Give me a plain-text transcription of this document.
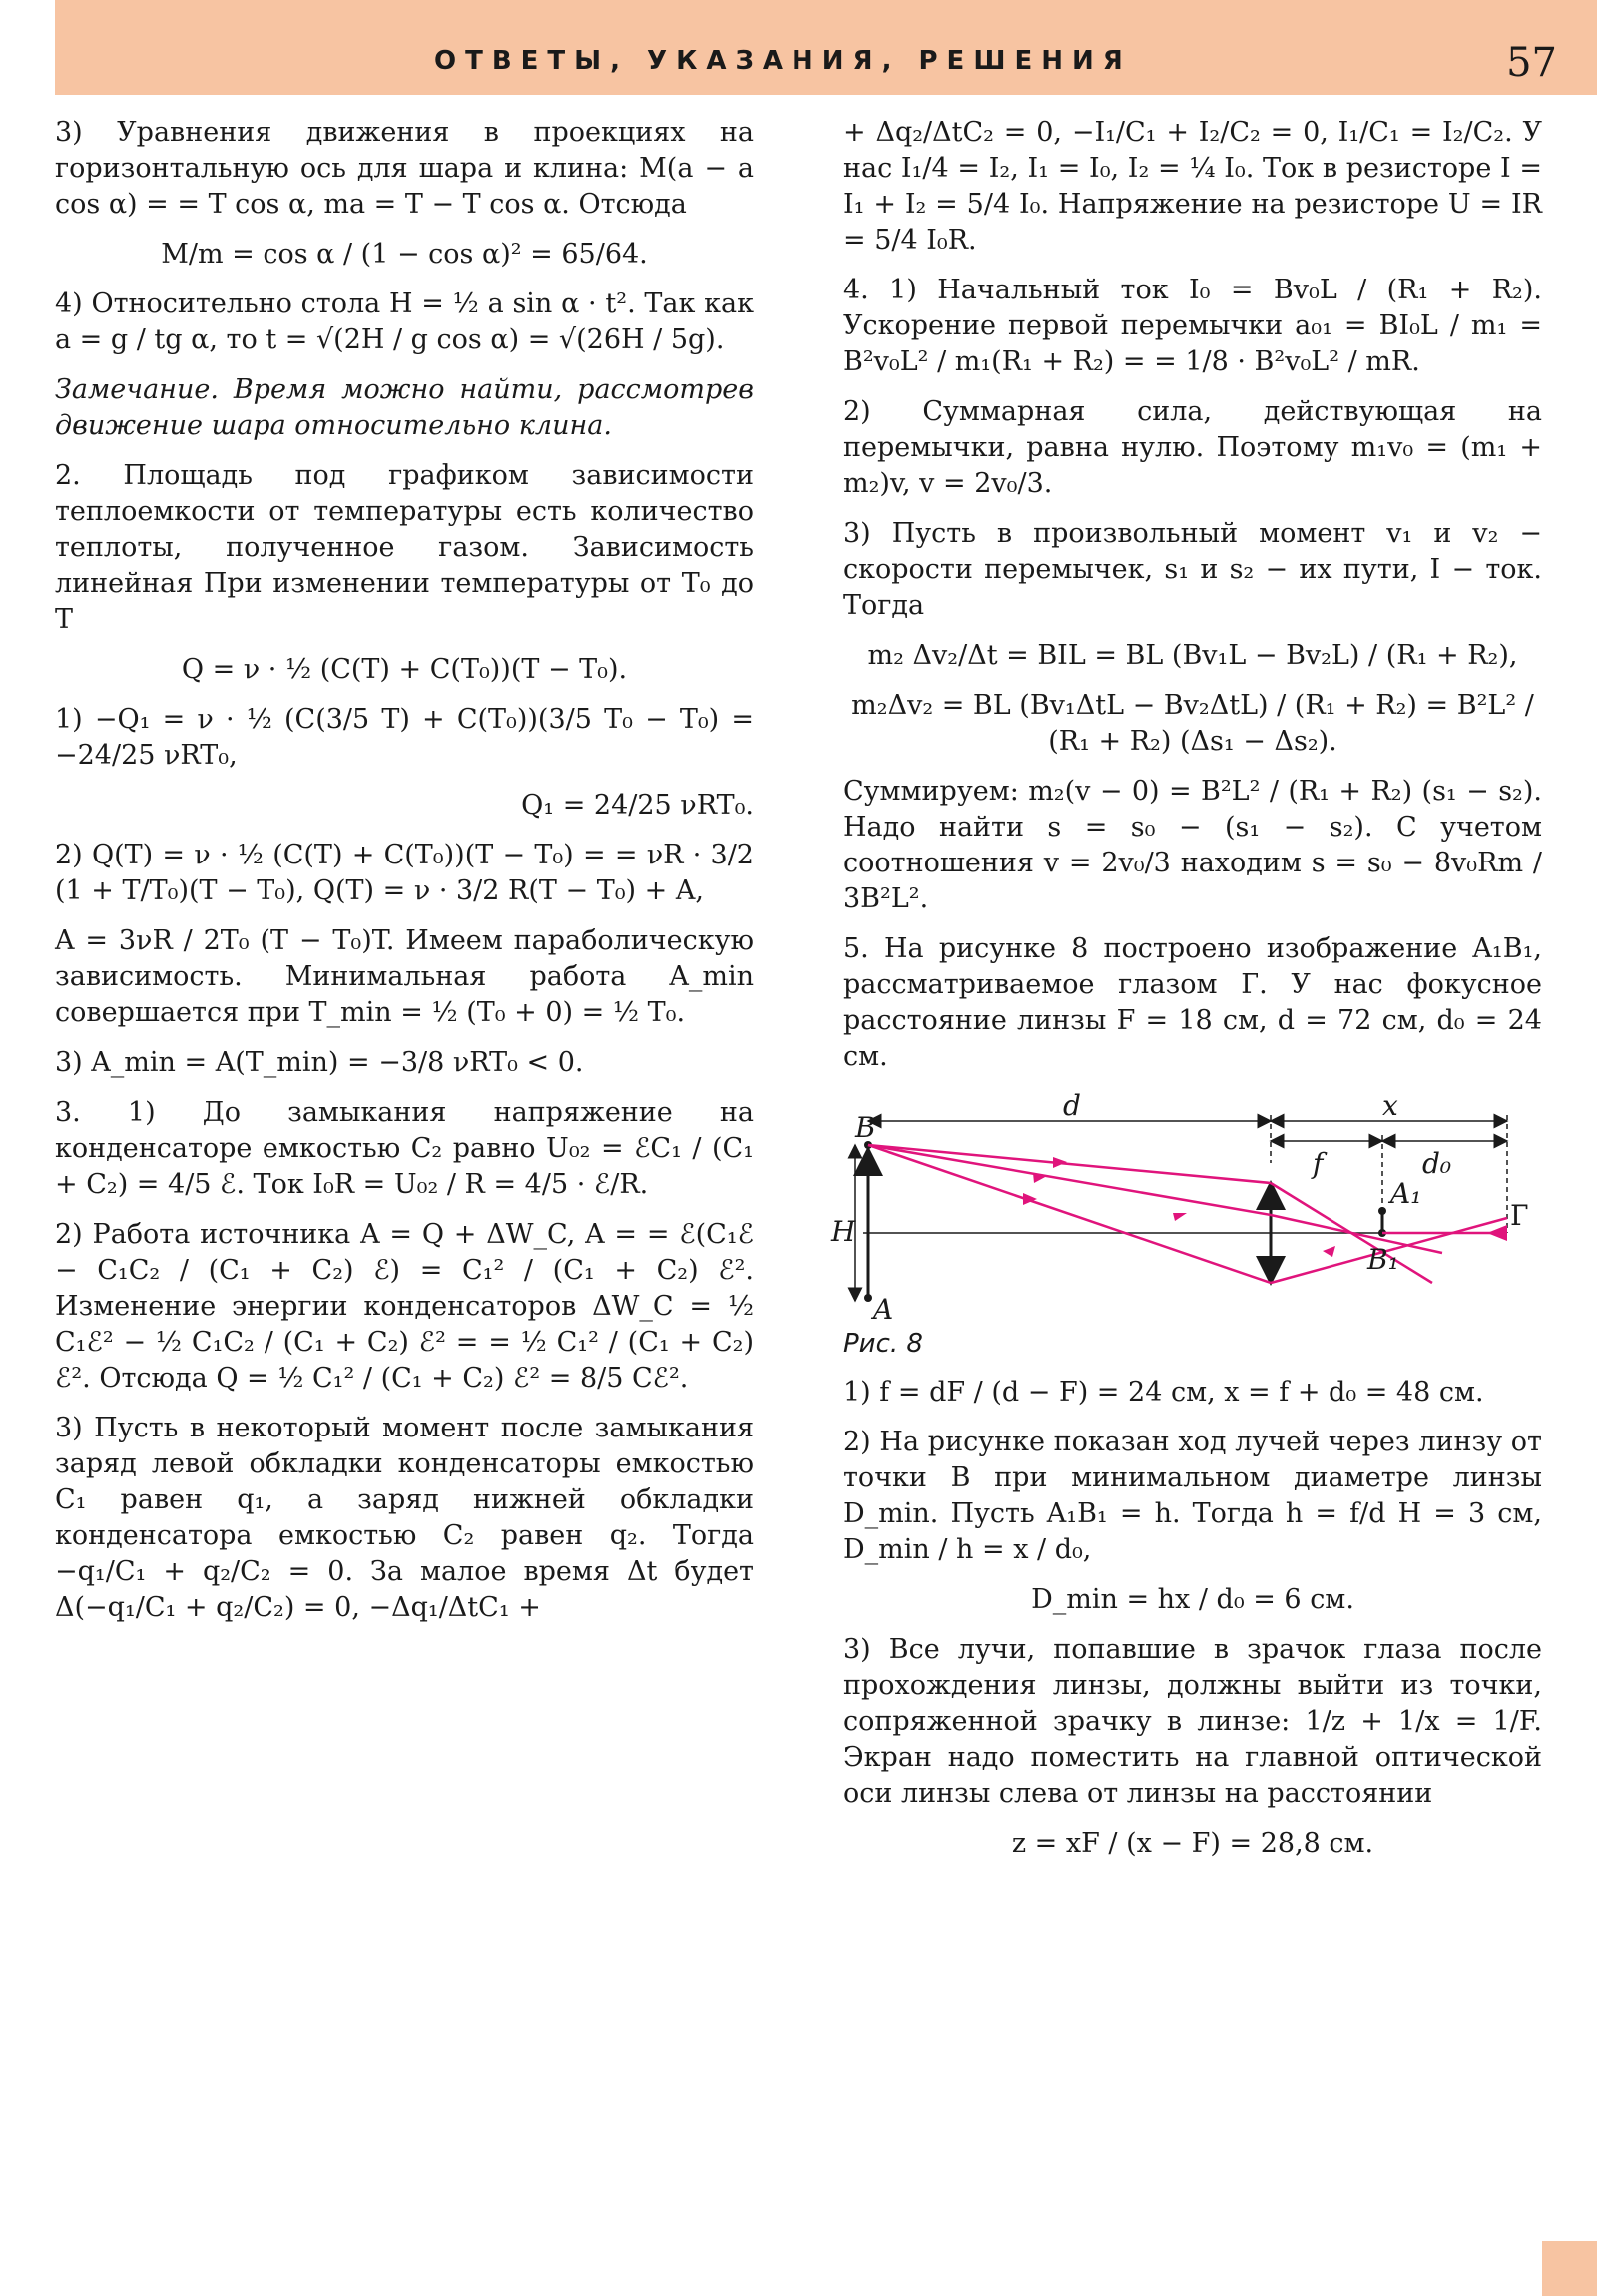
ОТВЕТЫ, УКАЗАНИЯ, РЕШЕНИЯ	57

3) Уравнения движения в проекциях на горизонтальную ось для шара и клина: M(a − a cos α) = = T cos α, ma = T − T cos α. Отсюда

M/m = cos α / (1 − cos α)² = 65/64.

4) Относительно стола H = ½ a sin α · t². Так как a = g / tg α, то t = √(2H / g cos α) = √(26H / 5g).

Замечание. Время можно найти, рассмотрев движение шара относительно клина.

2. Площадь под графиком зависимости теплоемкости от температуры есть количество теплоты, полученное газом. Зависимость линейная При изменении температуры от T₀ до T

Q = ν · ½ (C(T) + C(T₀))(T − T₀).

1) −Q₁ = ν · ½ (C(3/5 T) + C(T₀))(3/5 T₀ − T₀) = −24/25 νRT₀,

Q₁ = 24/25 νRT₀.

2) Q(T) = ν · ½ (C(T) + C(T₀))(T − T₀) = = νR · 3/2 (1 + T/T₀)(T − T₀), Q(T) = ν · 3/2 R(T − T₀) + A,

A = 3νR / 2T₀ (T − T₀)T. Имеем параболическую зависимость. Минимальная работа A_min совершается при T_min = ½ (T₀ + 0) = ½ T₀.

3) A_min = A(T_min) = −3/8 νRT₀ < 0.

3. 1) До замыкания напряжение на конденсаторе емкостью C₂ равно U₀₂ = ℰC₁ / (C₁ + C₂) = 4/5 ℰ. Ток I₀R = U₀₂ / R = 4/5 · ℰ/R.

2) Работа источника A = Q + ΔW_C, A = = ℰ(C₁ℰ − C₁C₂ / (C₁ + C₂) ℰ) = C₁² / (C₁ + C₂) ℰ². Изменение энергии конденсаторов ΔW_C = ½ C₁ℰ² − ½ C₁C₂ / (C₁ + C₂) ℰ² = = ½ C₁² / (C₁ + C₂) ℰ². Отсюда Q = ½ C₁² / (C₁ + C₂) ℰ² = 8/5 Cℰ².

3) Пусть в некоторый момент после замыкания заряд левой обкладки конденсаторы емкостью C₁ равен q₁, а заряд нижней обкладки конденсатора емкостью C₂ равен q₂. Тогда −q₁/C₁ + q₂/C₂ = 0. За малое время Δt будет Δ(−q₁/C₁ + q₂/C₂) = 0, −Δq₁/ΔtC₁ +

+ Δq₂/ΔtC₂ = 0, −I₁/C₁ + I₂/C₂ = 0, I₁/C₁ = I₂/C₂. У нас I₁/4 = I₂, I₁ = I₀, I₂ = ¼ I₀. Ток в резисторе I = I₁ + I₂ = 5/4 I₀. Напряжение на резисторе U = IR = 5/4 I₀R.

4. 1) Начальный ток I₀ = Bv₀L / (R₁ + R₂). Ускорение первой перемычки a₀₁ = BI₀L / m₁ = B²v₀L² / m₁(R₁ + R₂) = = 1/8 · B²v₀L² / mR.

2) Суммарная сила, действующая на перемычки, равна нулю. Поэтому m₁v₀ = (m₁ + m₂)v, v = 2v₀/3.

3) Пусть в произвольный момент v₁ и v₂ − скорости перемычек, s₁ и s₂ − их пути, I − ток. Тогда

m₂ Δv₂/Δt = BIL = BL (Bv₁L − Bv₂L) / (R₁ + R₂),

m₂Δv₂ = BL (Bv₁ΔtL − Bv₂ΔtL) / (R₁ + R₂) = B²L² / (R₁ + R₂) (Δs₁ − Δs₂).

Суммируем: m₂(v − 0) = B²L² / (R₁ + R₂) (s₁ − s₂). Надо найти s = s₀ − (s₁ − s₂). С учетом соотношения v = 2v₀/3 находим s = s₀ − 8v₀Rm / 3B²L².

5. На рисунке 8 построено изображение A₁B₁, рассматриваемое глазом Г. У нас фокусное расстояние линзы F = 18 см, d = 72 см, d₀ = 24 см.

B
A
H
d	x
f	d₀
A₁
B₁
Г

Рис. 8

1) f = dF / (d − F) = 24 см, x = f + d₀ = 48 см.

2) На рисунке показан ход лучей через линзу от точки B при минимальном диаметре линзы D_min. Пусть A₁B₁ = h. Тогда h = f/d H = 3 см, D_min / h = x / d₀,

D_min = hx / d₀ = 6 см.

3) Все лучи, попавшие в зрачок глаза после прохождения линзы, должны выйти из точки, сопряженной зрачку в линзе: 1/z + 1/x = 1/F. Экран надо поместить на главной оптической оси линзы слева от линзы на расстоянии

z = xF / (x − F) = 28,8 см.
